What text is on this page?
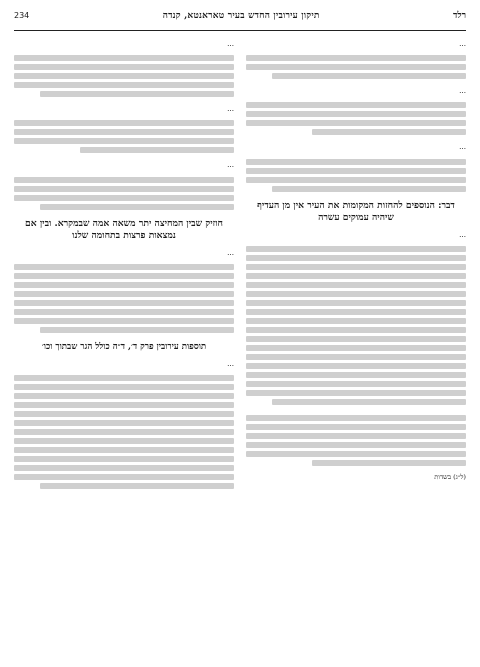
רלד
תיקון עירובין החדש בעיר טאראנטא, קנדה
234

...

...

...

דבר: הנוספים להחזות המקומות את העיר אין מן העדיף שיהיה עמוקים עשרה

...

(ל״ג) בשדות

...

...

...

חוזיק שבין המחיצה יתר משאה אמה שבמקרא. ובין אם נמצאות פרצות בתחומה שלנו

...

תוספות עירובין פרק ד׳, ד״ה כולל הגר שבתוך וכו׳

...
